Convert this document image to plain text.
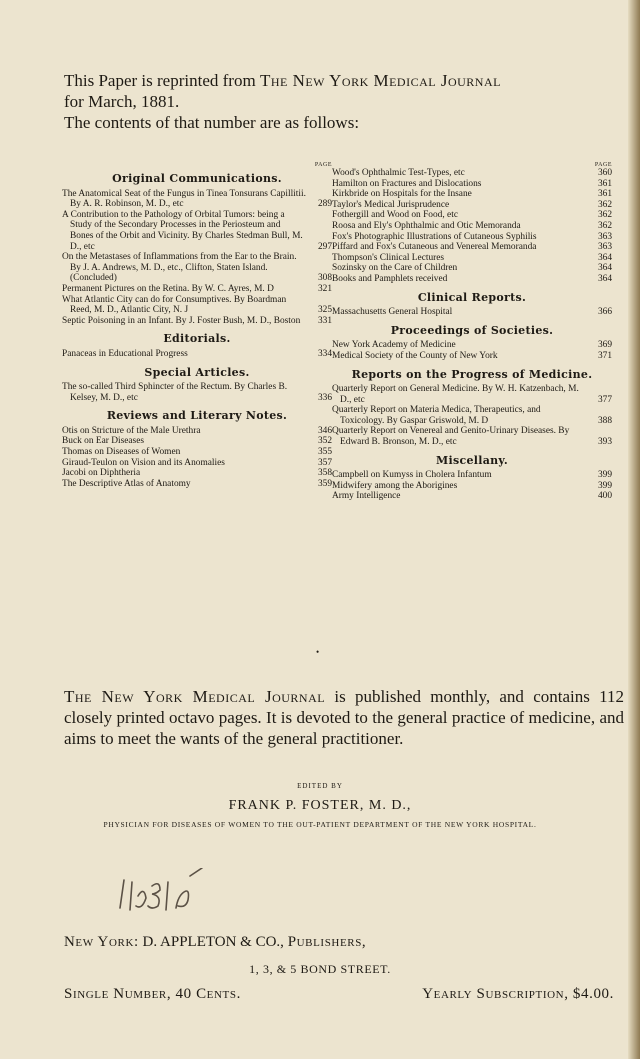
This Paper is reprinted from The New York Medical Journal
for March, 1881.
The contents of that number are as follows:
PAGE
Original Communications.
The Anatomical Seat of the Fungus in Tinea Tonsurans Capillitii. By A. R. Robinson, M. D., etc	289
A Contribution to the Pathology of Orbital Tumors: being a Study of the Secondary Processes in the Periosteum and Bones of the Orbit and Vicinity. By Charles Stedman Bull, M. D., etc	297
On the Metastases of Inflammations from the Ear to the Brain. By J. A. Andrews, M. D., etc., Clifton, Staten Island. (Concluded)	308
Permanent Pictures on the Retina. By W. C. Ayres, M. D	321
What Atlantic City can do for Consumptives. By Boardman Reed, M. D., Atlantic City, N. J	325
Septic Poisoning in an Infant. By J. Foster Bush, M. D., Boston	331
Editorials.
Panaceas in Educational Progress	334
Special Articles.
The so-called Third Sphincter of the Rectum. By Charles B. Kelsey, M. D., etc	336
Reviews and Literary Notes.
Otis on Stricture of the Male Urethra	346
Buck on Ear Diseases	352
Thomas on Diseases of Women	355
Giraud-Teulon on Vision and its Anomalies	357
Jacobi on Diphtheria	358
The Descriptive Atlas of Anatomy	359
PAGE
Wood's Ophthalmic Test-Types, etc	360
Hamilton on Fractures and Dislocations	361
Kirkbride on Hospitals for the Insane	361
Taylor's Medical Jurisprudence	362
Fothergill and Wood on Food, etc	362
Roosa and Ely's Ophthalmic and Otic Memoranda	362
Fox's Photographic Illustrations of Cutaneous Syphilis	363
Piffard and Fox's Cutaneous and Venereal Memoranda	363
Thompson's Clinical Lectures	364
Sozinsky on the Care of Children	364
Books and Pamphlets received	364
Clinical Reports.
Massachusetts General Hospital	366
Proceedings of Societies.
New York Academy of Medicine	369
Medical Society of the County of New York	371
Reports on the Progress of Medicine.
Quarterly Report on General Medicine. By W. H. Katzenbach, M. D., etc	377
Quarterly Report on Materia Medica, Therapeutics, and Toxicology. By Gaspar Griswold, M. D	388
Quarterly Report on Venereal and Genito-Urinary Diseases. By Edward B. Bronson, M. D., etc	393
Miscellany.
Campbell on Kumyss in Cholera Infantum	399
Midwifery among the Aborigines	399
Army Intelligence	400
•
The New York Medical Journal is published monthly, and contains 112 closely printed octavo pages. It is devoted to the general practice of medicine, and aims to meet the wants of the general practitioner.
EDITED BY
FRANK P. FOSTER, M. D.,
PHYSICIAN FOR DISEASES OF WOMEN TO THE OUT-PATIENT DEPARTMENT OF THE NEW YORK HOSPITAL.
New York: D. APPLETON & CO., Publishers,
1, 3, & 5 BOND STREET.
Single Number, 40 Cents.	Yearly Subscription, $4.00.
